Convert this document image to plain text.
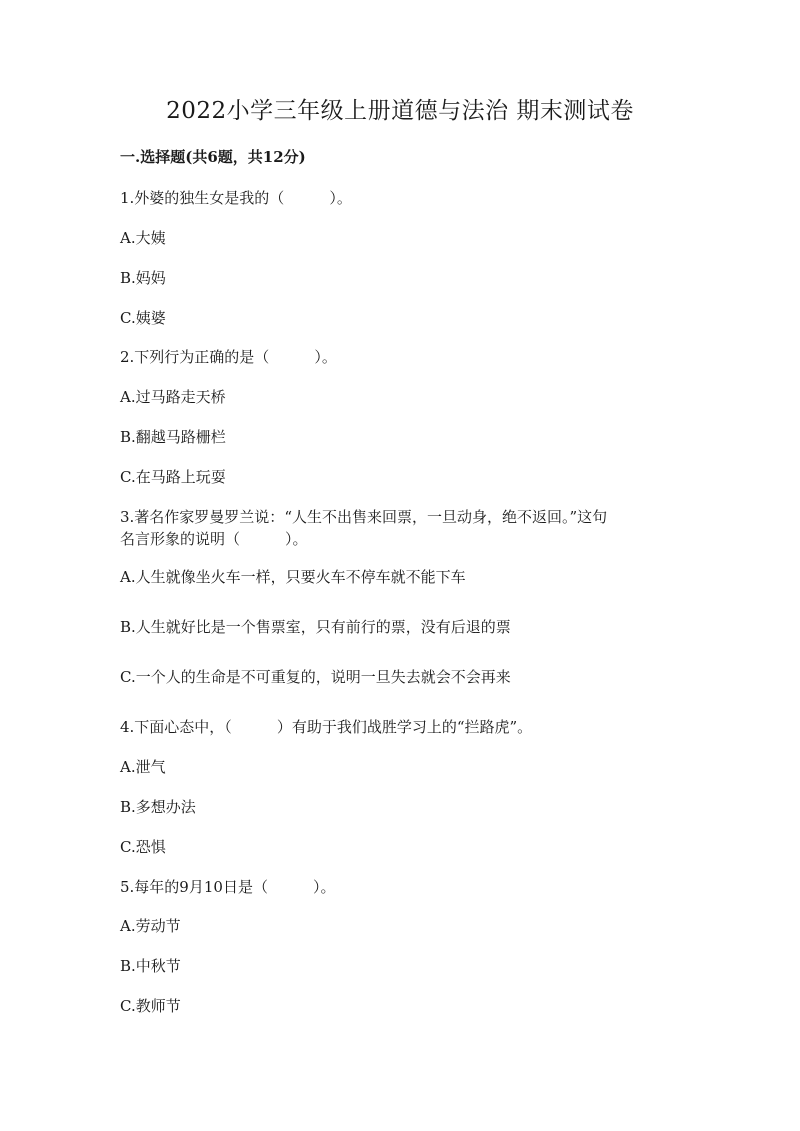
2022小学三年级上册道德与法治 期末测试卷
一.选择题(共6题，共12分)
1.外婆的独生女是我的（　　　）。
A.大姨
B.妈妈
C.姨婆
2.下列行为正确的是（　　　）。
A.过马路走天桥
B.翻越马路栅栏
C.在马路上玩耍
3.著名作家罗曼罗兰说：“人生不出售来回票，一旦动身，绝不返回。”这句
名言形象的说明（　　　）。
A.人生就像坐火车一样，只要火车不停车就不能下车
B.人生就好比是一个售票室，只有前行的票，没有后退的票
C.一个人的生命是不可重复的，说明一旦失去就会不会再来
4.下面心态中，（　　　）有助于我们战胜学习上的“拦路虎”。
A.泄气
B.多想办法
C.恐惧
5.每年的9月10日是（　　　）。
A.劳动节
B.中秋节
C.教师节
